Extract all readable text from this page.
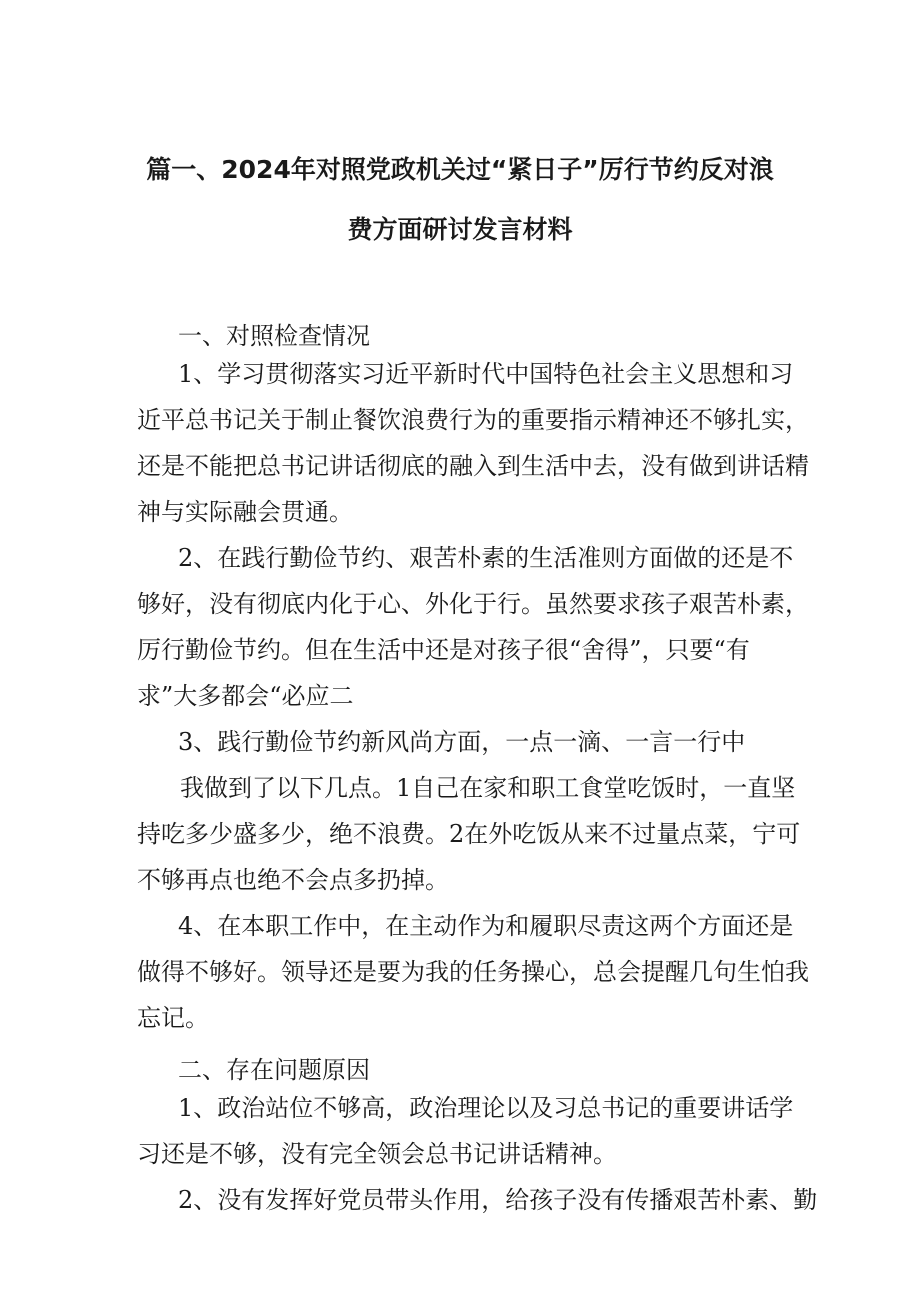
篇一、2024年对照党政机关过“紧日子”厉行节约反对浪
费方面研讨发言材料
一、对照检查情况
1、学习贯彻落实习近平新时代中国特色社会主义思想和习
近平总书记关于制止餐饮浪费行为的重要指示精神还不够扎实，
还是不能把总书记讲话彻底的融入到生活中去，没有做到讲话精
神与实际融会贯通。
2、在践行勤俭节约、艰苦朴素的生活准则方面做的还是不
够好，没有彻底内化于心、外化于行。虽然要求孩子艰苦朴素，
厉行勤俭节约。但在生活中还是对孩子很“舍得”，只要“有
求”大多都会“必应二
3、践行勤俭节约新风尚方面，一点一滴、一言一行中
我做到了以下几点。1自己在家和职工食堂吃饭时，一直坚
持吃多少盛多少，绝不浪费。2在外吃饭从来不过量点菜，宁可
不够再点也绝不会点多扔掉。
4、在本职工作中，在主动作为和履职尽责这两个方面还是
做得不够好。领导还是要为我的任务操心，总会提醒几句生怕我
忘记。
二、存在问题原因
1、政治站位不够高，政治理论以及习总书记的重要讲话学
习还是不够，没有完全领会总书记讲话精神。
2、没有发挥好党员带头作用，给孩子没有传播艰苦朴素、勤
